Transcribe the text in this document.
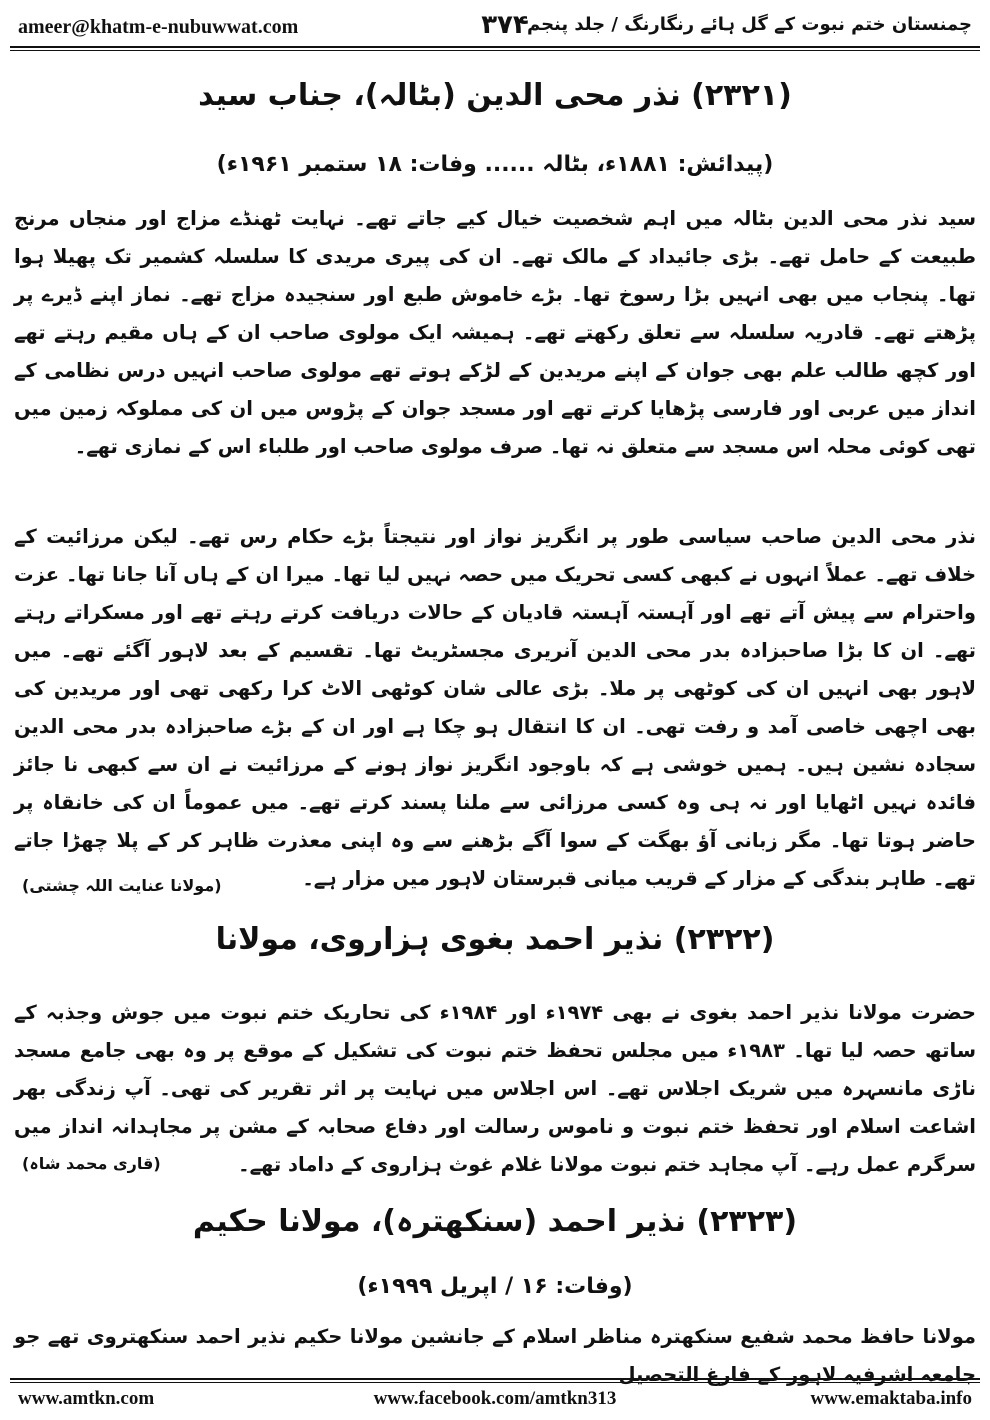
ameer@khatm-e-nubuwwat.com	۳۷۴
چمنستان ختم نبوت کے گل ہائے رنگارنگ / جلد پنجم
(۲۳۲۱) نذر محی الدین (بٹالہ)، جناب سید
(پیدائش: ۱۸۸۱ء، بٹالہ ...... وفات: ۱۸ ستمبر ۱۹۶۱ء)
سید نذر محی الدین بٹالہ میں اہم شخصیت خیال کیے جاتے تھے۔ نہایت ٹھنڈے مزاج اور منجاں مرنج طبیعت کے حامل تھے۔ بڑی جائیداد کے مالک تھے۔ ان کی پیری مریدی کا سلسلہ کشمیر تک پھیلا ہوا تھا۔ پنجاب میں بھی انہیں بڑا رسوخ تھا۔ بڑے خاموش طبع اور سنجیدہ مزاج تھے۔ نماز اپنے ڈیرے پر پڑھتے تھے۔ قادریہ سلسلہ سے تعلق رکھتے تھے۔ ہمیشہ ایک مولوی صاحب ان کے ہاں مقیم رہتے تھے اور کچھ طالب علم بھی جوان کے اپنے مریدین کے لڑکے ہوتے تھے مولوی صاحب انہیں درس نظامی کے انداز میں عربی اور فارسی پڑھایا کرتے تھے اور مسجد جوان کے پڑوس میں ان کی مملوکہ زمین میں تھی کوئی محلہ اس مسجد سے متعلق نہ تھا۔ صرف مولوی صاحب اور طلباء اس کے نمازی تھے۔
نذر محی الدین صاحب سیاسی طور پر انگریز نواز اور نتیجتاً بڑے حکام رس تھے۔ لیکن مرزائیت کے خلاف تھے۔ عملاً انہوں نے کبھی کسی تحریک میں حصہ نہیں لیا تھا۔ میرا ان کے ہاں آنا جانا تھا۔ عزت واحترام سے پیش آتے تھے اور آہستہ آہستہ قادیان کے حالات دریافت کرتے رہتے تھے اور مسکراتے رہتے تھے۔ ان کا بڑا صاحبزادہ بدر محی الدین آنریری مجسٹریٹ تھا۔ تقسیم کے بعد لاہور آگئے تھے۔ میں لاہور بھی انہیں ان کی کوٹھی پر ملا۔ بڑی عالی شان کوٹھی الاٹ کرا رکھی تھی اور مریدین کی بھی اچھی خاصی آمد و رفت تھی۔ ان کا انتقال ہو چکا ہے اور ان کے بڑے صاحبزادہ بدر محی الدین سجادہ نشین ہیں۔ ہمیں خوشی ہے کہ باوجود انگریز نواز ہونے کے مرزائیت نے ان سے کبھی نا جائز فائدہ نہیں اٹھایا اور نہ ہی وہ کسی مرزائی سے ملنا پسند کرتے تھے۔ میں عموماً ان کی خانقاہ پر حاضر ہوتا تھا۔ مگر زبانی آؤ بھگت کے سوا آگے بڑھنے سے وہ اپنی معذرت ظاہر کر کے پلا چھڑا جاتے تھے۔ طاہر بندگی کے مزار کے قریب میانی قبرستان لاہور میں مزار ہے۔
(مولانا عنایت اللہ چشتی)
(۲۳۲۲) نذیر احمد بغوی ہزاروی، مولانا
حضرت مولانا نذیر احمد بغوی نے بھی ۱۹۷۴ء اور ۱۹۸۴ء کی تحاریک ختم نبوت میں جوش وجذبہ کے ساتھ حصہ لیا تھا۔ ۱۹۸۳ء میں مجلس تحفظ ختم نبوت کی تشکیل کے موقع پر وہ بھی جامع مسجد ناڑی مانسہرہ میں شریک اجلاس تھے۔ اس اجلاس میں نہایت پر اثر تقریر کی تھی۔ آپ زندگی بھر اشاعت اسلام اور تحفظ ختم نبوت و ناموس رسالت اور دفاع صحابہ کے مشن پر مجاہدانہ انداز میں سرگرم عمل رہے۔ آپ مجاہد ختم نبوت مولانا غلام غوث ہزاروی کے داماد تھے۔
(قاری محمد شاہ)
(۲۳۲۳) نذیر احمد (سنکھترہ)، مولانا حکیم
(وفات: ۱۶ / اپریل ۱۹۹۹ء)
مولانا حافظ محمد شفیع سنکھترہ مناظر اسلام کے جانشین مولانا حکیم نذیر احمد سنکھتروی تھے جو جامعہ اشرفیہ لاہور کے فارغ التحصیل
www.amtkn.com	www.facebook.com/amtkn313	www.emaktaba.info
